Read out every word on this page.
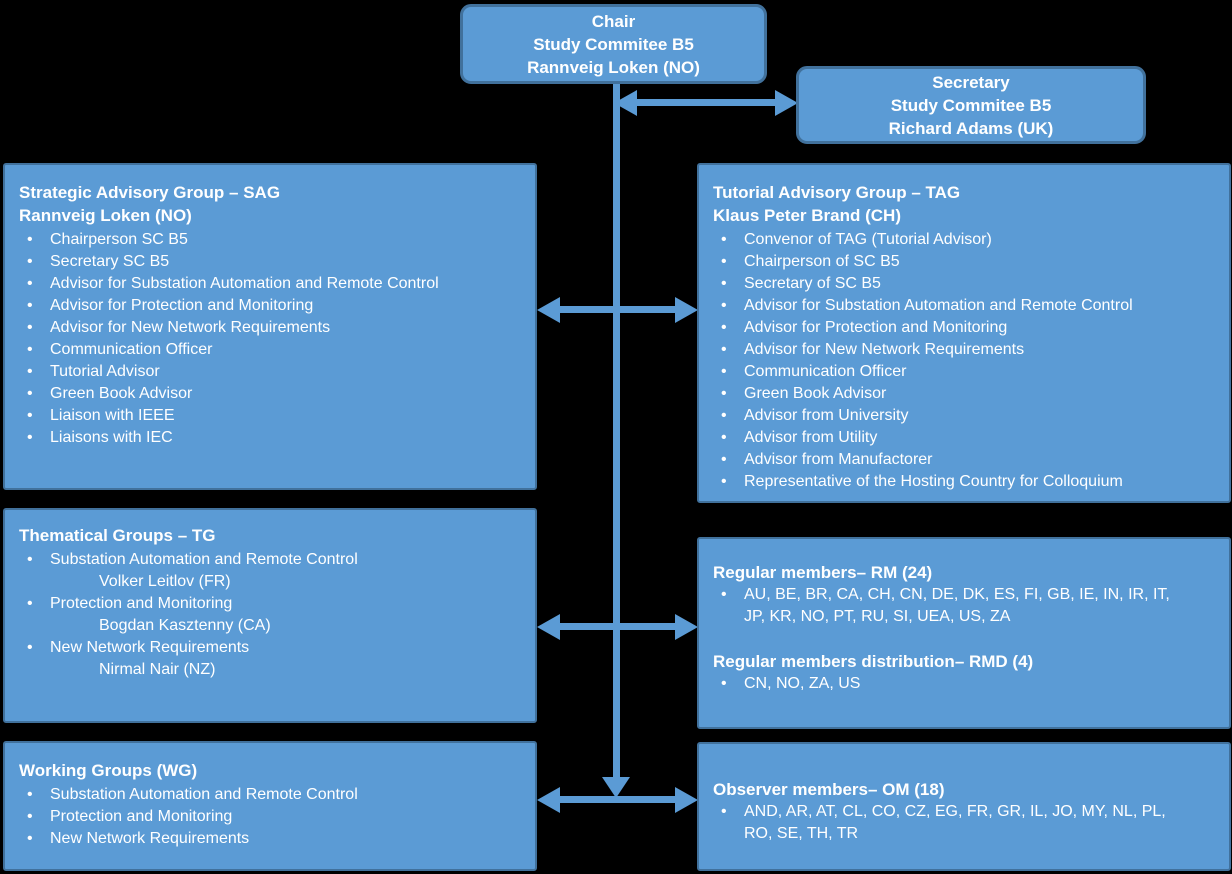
Chair
Study Commitee B5
Rannveig Loken (NO)
Secretary
Study Commitee B5
Richard Adams (UK)
Strategic Advisory Group – SAG
Rannveig Loken (NO)
•	Chairperson SC B5
•	Secretary SC B5
•	Advisor for Substation Automation and Remote Control
•	Advisor for Protection and Monitoring
•	Advisor for New Network Requirements
•	Communication Officer
•	Tutorial Advisor
•	Green Book Advisor
•	Liaison with IEEE
•	Liaisons with IEC
Tutorial Advisory Group – TAG
Klaus Peter Brand (CH)
•	Convenor of TAG (Tutorial Advisor)
•	Chairperson of SC B5
•	Secretary of SC B5
•	Advisor for Substation Automation and Remote Control
•	Advisor for Protection and Monitoring
•	Advisor for New Network Requirements
•	Communication Officer
•	Green Book Advisor
•	Advisor from University
•	Advisor from Utility
•	Advisor from Manufactorer
•	Representative of the Hosting Country for Colloquium
Thematical Groups – TG
•	Substation Automation and Remote Control
Volker Leitlov (FR)
•	Protection and Monitoring
Bogdan Kasztenny (CA)
•	New Network Requirements
Nirmal Nair (NZ)
Regular members– RM (24)
•	AU, BE, BR, CA, CH, CN, DE, DK, ES, FI, GB, IE, IN, IR, IT, JP, KR, NO, PT, RU, SI, UEA, US, ZA
Regular members distribution– RMD (4)
•	CN, NO, ZA, US
Working Groups (WG)
•	Substation Automation and Remote Control
•	Protection and Monitoring
•	New Network Requirements
Observer members– OM (18)
•	AND, AR, AT, CL, CO, CZ, EG, FR, GR, IL, JO, MY, NL, PL, RO, SE, TH, TR
